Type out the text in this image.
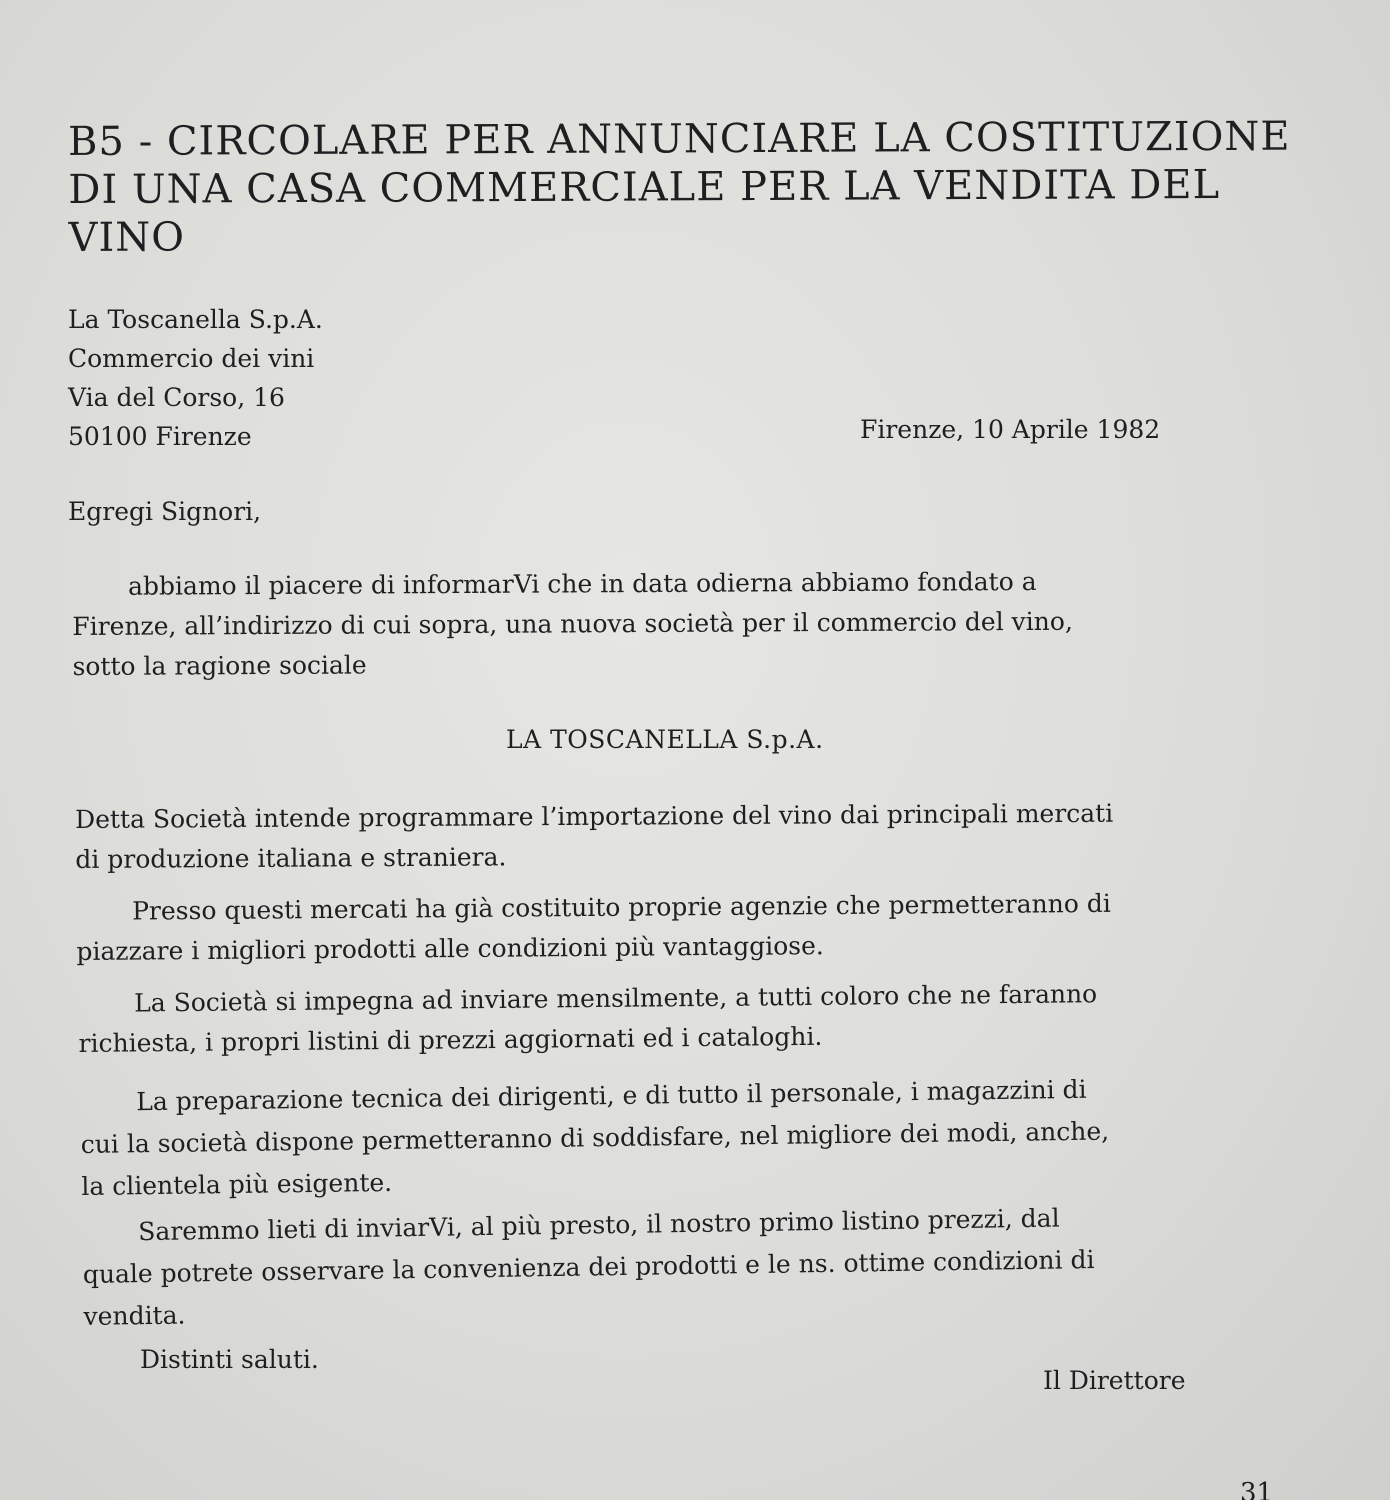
B5 - CIRCOLARE PER ANNUNCIARE LA COSTITUZIONE
DI UNA CASA COMMERCIALE PER LA VENDITA DEL
VINO
La Toscanella S.p.A.
Commercio dei vini
Via del Corso, 16
50100 Firenze	Firenze, 10 Aprile 1982
Egregi Signori,
abbiamo il piacere di informarVi che in data odierna abbiamo fondato a
Firenze, all’indirizzo di cui sopra, una nuova società per il commercio del vino,
sotto la ragione sociale
LA TOSCANELLA S.p.A.
Detta Società intende programmare l’importazione del vino dai principali mercati
di produzione italiana e straniera.
Presso questi mercati ha già costituito proprie agenzie che permetteranno di
piazzare i migliori prodotti alle condizioni più vantaggiose.
La Società si impegna ad inviare mensilmente, a tutti coloro che ne faranno
richiesta, i propri listini di prezzi aggiornati ed i cataloghi.
La preparazione tecnica dei dirigenti, e di tutto il personale, i magazzini di
cui la società dispone permetteranno di soddisfare, nel migliore dei modi, anche,
la clientela più esigente.
Saremmo lieti di inviarVi, al più presto, il nostro primo listino prezzi, dal
quale potrete osservare la convenienza dei prodotti e le ns. ottime condizioni di
vendita.
Distinti saluti.
Il Direttore
31
